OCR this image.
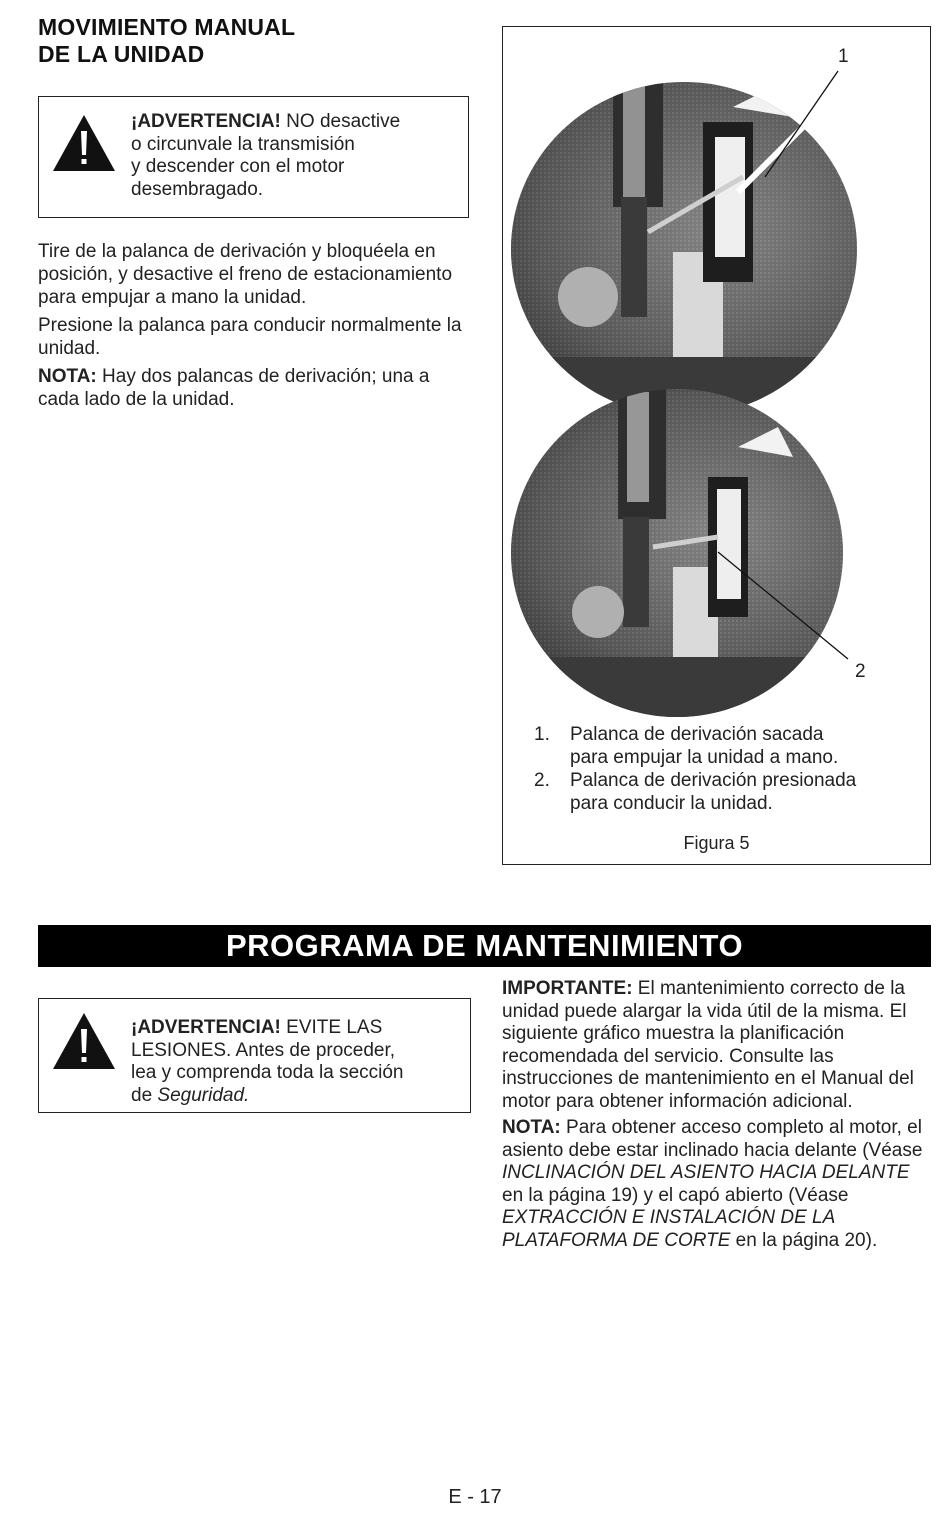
MOVIMIENTO MANUAL
DE LA UNIDAD
¡ADVERTENCIA! NO desactive
o circunvale la transmisión
y descender con el motor
desembragado.

Tire de la palanca de derivación y bloquéela en posición, y desactive el freno de estacionamiento para empujar a mano la unidad.

Presione la palanca para conducir normalmente la unidad.

NOTA: Hay dos palancas de derivación; una a cada lado de la unidad.

1
2
1.	Palanca de derivación sacada
para empujar la unidad a mano.
2.	Palanca de derivación presionada
para conducir la unidad.
Figura 5
PROGRAMA DE MANTENIMIENTO
¡ADVERTENCIA! EVITE LAS
LESIONES. Antes de proceder,
lea y comprenda toda la sección
de Seguridad.

IMPORTANTE: El mantenimiento correcto de la unidad puede alargar la vida útil de la misma. El siguiente gráfico muestra la planificación recomendada del servicio. Consulte las instrucciones de mantenimiento en el Manual del motor para obtener información adicional.

NOTA: Para obtener acceso completo al motor, el asiento debe estar inclinado hacia delante (Véase INCLINACIÓN DEL ASIENTO HACIA DELANTE en la página 19) y el capó abierto (Véase EXTRACCIÓN E INSTALACIÓN DE LA PLATAFORMA DE CORTE en la página 20).

E - 17
